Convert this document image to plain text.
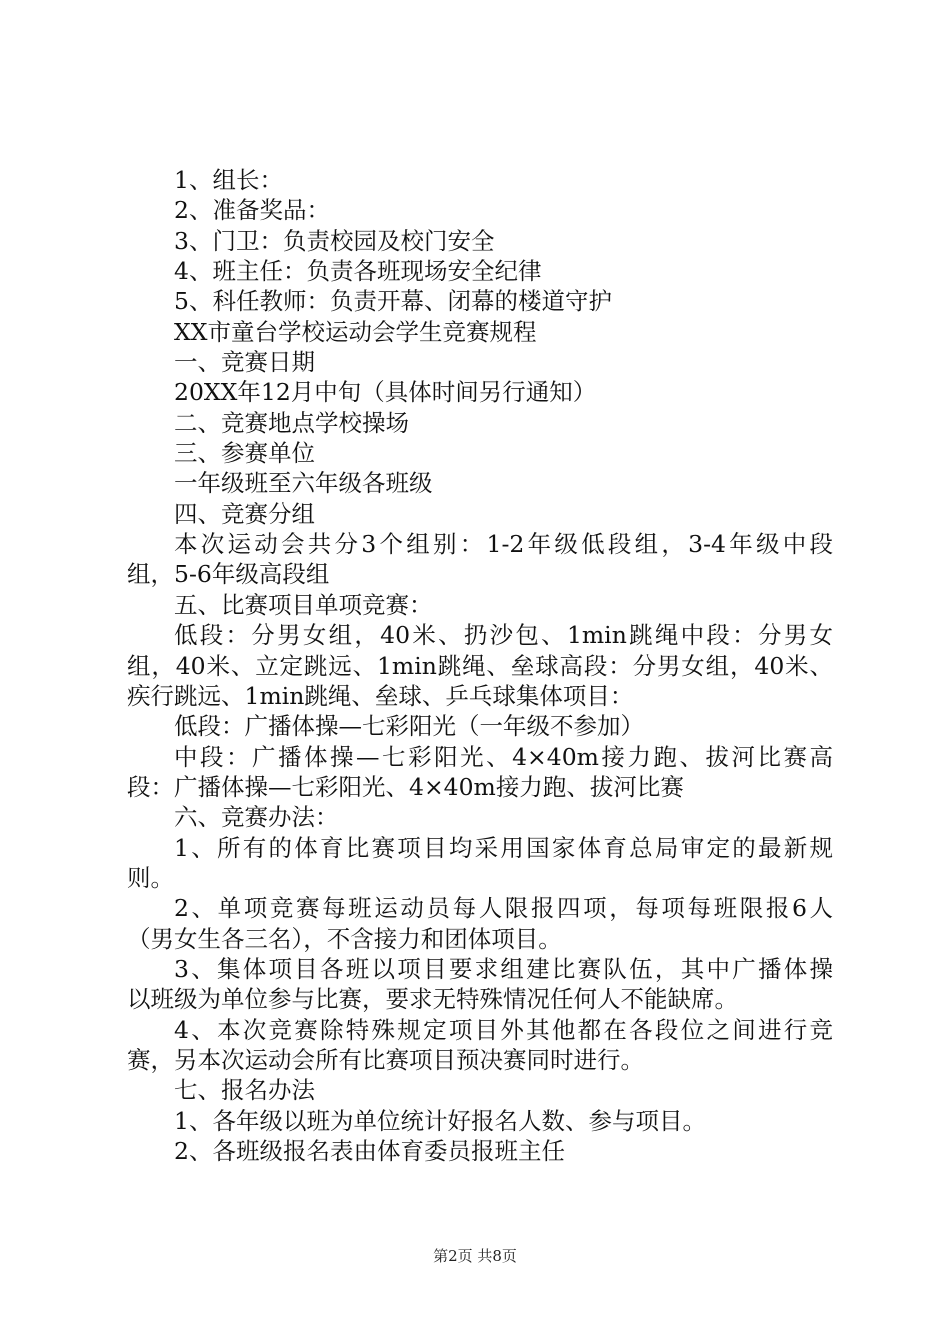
1、组长：
2、准备奖品：
3、门卫：负责校园及校门安全
4、班主任：负责各班现场安全纪律
5、科任教师：负责开幕、闭幕的楼道守护
XX市童台学校运动会学生竞赛规程
一、竞赛日期
20XX年12月中旬（具体时间另行通知）
二、竞赛地点学校操场
三、参赛单位
一年级班至六年级各班级
四、竞赛分组
本次运动会共分3个组别：1-2年级低段组，3-4年级中段
组，5-6年级高段组
五、比赛项目单项竞赛：
低段：分男女组，40米、扔沙包、1min跳绳中段：分男女
组，40米、立定跳远、1min跳绳、垒球高段：分男女组，40米、
疾行跳远、1min跳绳、垒球、乒乓球集体项目：
低段：广播体操—七彩阳光（一年级不参加）
中段：广播体操—七彩阳光、4×40m接力跑、拔河比赛高
段：广播体操—七彩阳光、4×40m接力跑、拔河比赛
六、竞赛办法：
1、所有的体育比赛项目均采用国家体育总局审定的最新规
则。
2、单项竞赛每班运动员每人限报四项，每项每班限报6人
（男女生各三名），不含接力和团体项目。
3、集体项目各班以项目要求组建比赛队伍，其中广播体操
以班级为单位参与比赛，要求无特殊情况任何人不能缺席。
4、本次竞赛除特殊规定项目外其他都在各段位之间进行竞
赛，另本次运动会所有比赛项目预决赛同时进行。
七、报名办法
1、各年级以班为单位统计好报名人数、参与项目。
2、各班级报名表由体育委员报班主任
第2页 共8页
